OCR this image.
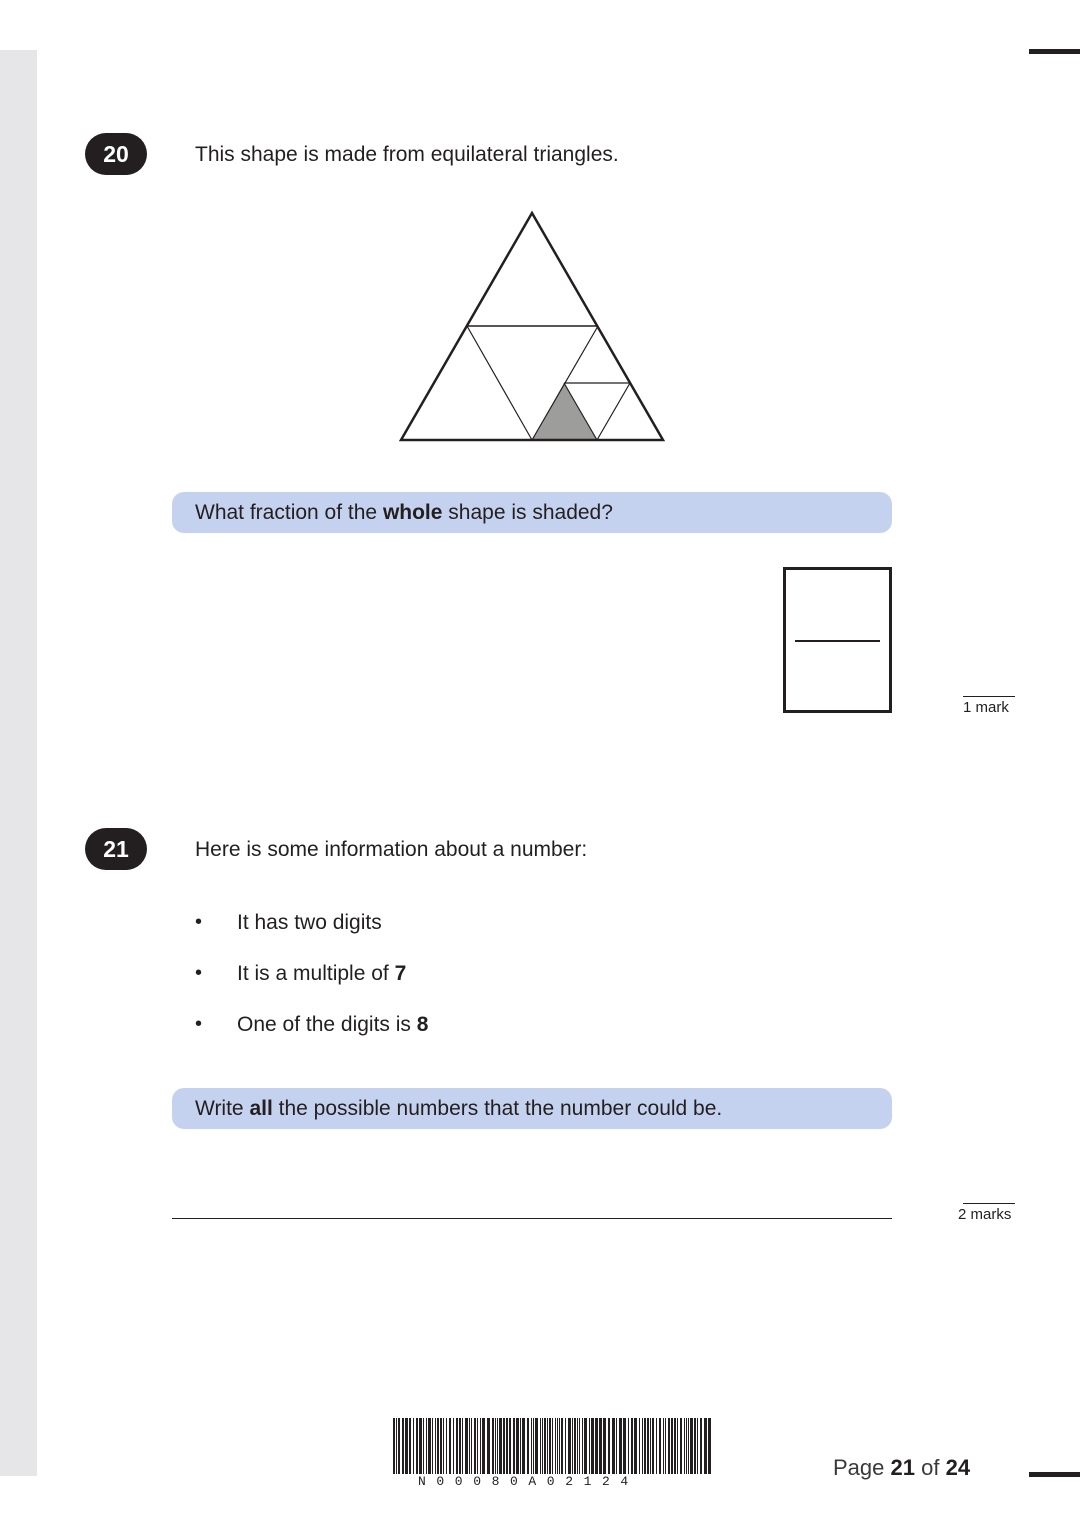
20	This shape is made from equilateral triangles.
What fraction of the whole shape is shaded?
1 mark
21	Here is some information about a number:
• It has two digits
• It is a multiple of 7
• One of the digits is 8
Write all the possible numbers that the number could be.
2 marks
N00080A02124
Page 21 of 24
